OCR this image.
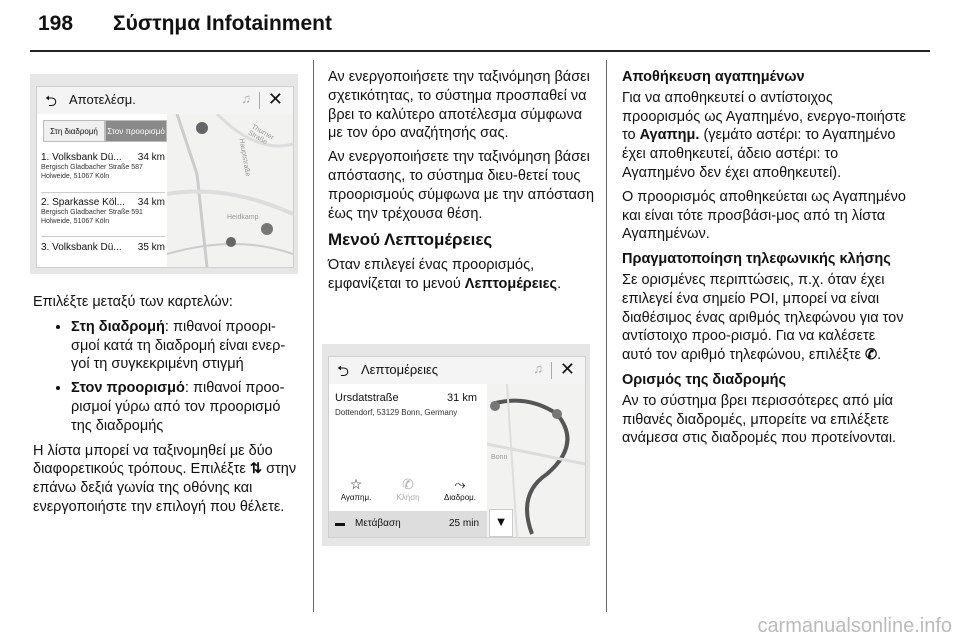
198 Σύστημα Infotainment
⮌ Αποτελέσμ.	♫ ✕
Hauptstraße
Heidkamp
Thurner Straße
Στη διαδρομή	Στον προορισμό
1. Volksbank Dü... 34 km
Bergisch Gladbacher Straße 587
Holweide, 51067 Köln
2. Sparkasse Köl... 34 km
Bergisch Gladbacher Straße 591
Holweide, 51067 Köln
3. Volksbank Dü... 35 km

Επιλέξτε μεταξύ των καρτελών:

• Στη διαδρομή: πιθανοί προορι-σμοί κατά τη διαδρομή είναι ενερ-γοί τη συγκεκριμένη στιγμή
• Στον προορισμό: πιθανοί προο-ρισμοί γύρω από τον προορισμό της διαδρομής

Η λίστα μπορεί να ταξινομηθεί με δύο διαφορετικούς τρόπους. Επιλέξτε ⇅ στην επάνω δεξιά γωνία της οθόνης και ενεργοποιήστε την επιλογή που θέλετε.

Αν ενεργοποιήσετε την ταξινόμηση βάσει σχετικότητας, το σύστημα προσπαθεί να βρει το καλύτερο αποτέλεσμα σύμφωνα με τον όρο αναζήτησής σας.

Αν ενεργοποιήσετε την ταξινόμηση βάσει απόστασης, το σύστημα διευ-θετεί τους προορισμούς σύμφωνα με την απόσταση έως την τρέχουσα θέση.

Μενού Λεπτομέρειες

Όταν επιλεγεί ένας προορισμός, εμφανίζεται το μενού Λεπτομέρειες.

⮌ Λεπτομέρειες	♫ ✕
Bonn
Ursdatstraße	31 km
Dottendorf, 53129 Bonn, Germany
☆
Αγαπημ.
✆
Κλήση
⤳
Διαδρομ.
▬ Μετάβαση	25 min	▼
Αποθήκευση αγαπημένων

Για να αποθηκευτεί ο αντίστοιχος προορισμός ως Αγαπημένο, ενεργο-ποιήστε το Αγαπημ. (γεμάτο αστέρι: το Αγαπημένο έχει αποθηκευτεί, άδειο αστέρι: το Αγαπημένο δεν έχει αποθηκευτεί).

Ο προορισμός αποθηκεύεται ως Αγαπημένο και είναι τότε προσβάσι-μος από τη λίστα Αγαπημένων.

Πραγματοποίηση τηλεφωνικής κλήσης

Σε ορισμένες περιπτώσεις, π.χ. όταν έχει επιλεγεί ένα σημείο POI, μπορεί να είναι διαθέσιμος ένας αριθμός τηλεφώνου για τον αντίστοιχο προο-ρισμό. Για να καλέσετε αυτό τον αριθμό τηλεφώνου, επιλέξτε ✆.

Ορισμός της διαδρομής

Αν το σύστημα βρει περισσότερες από μία πιθανές διαδρομές, μπορείτε να επιλέξετε ανάμεσα στις διαδρομές που προτείνονται.

carmanualsonline.info
